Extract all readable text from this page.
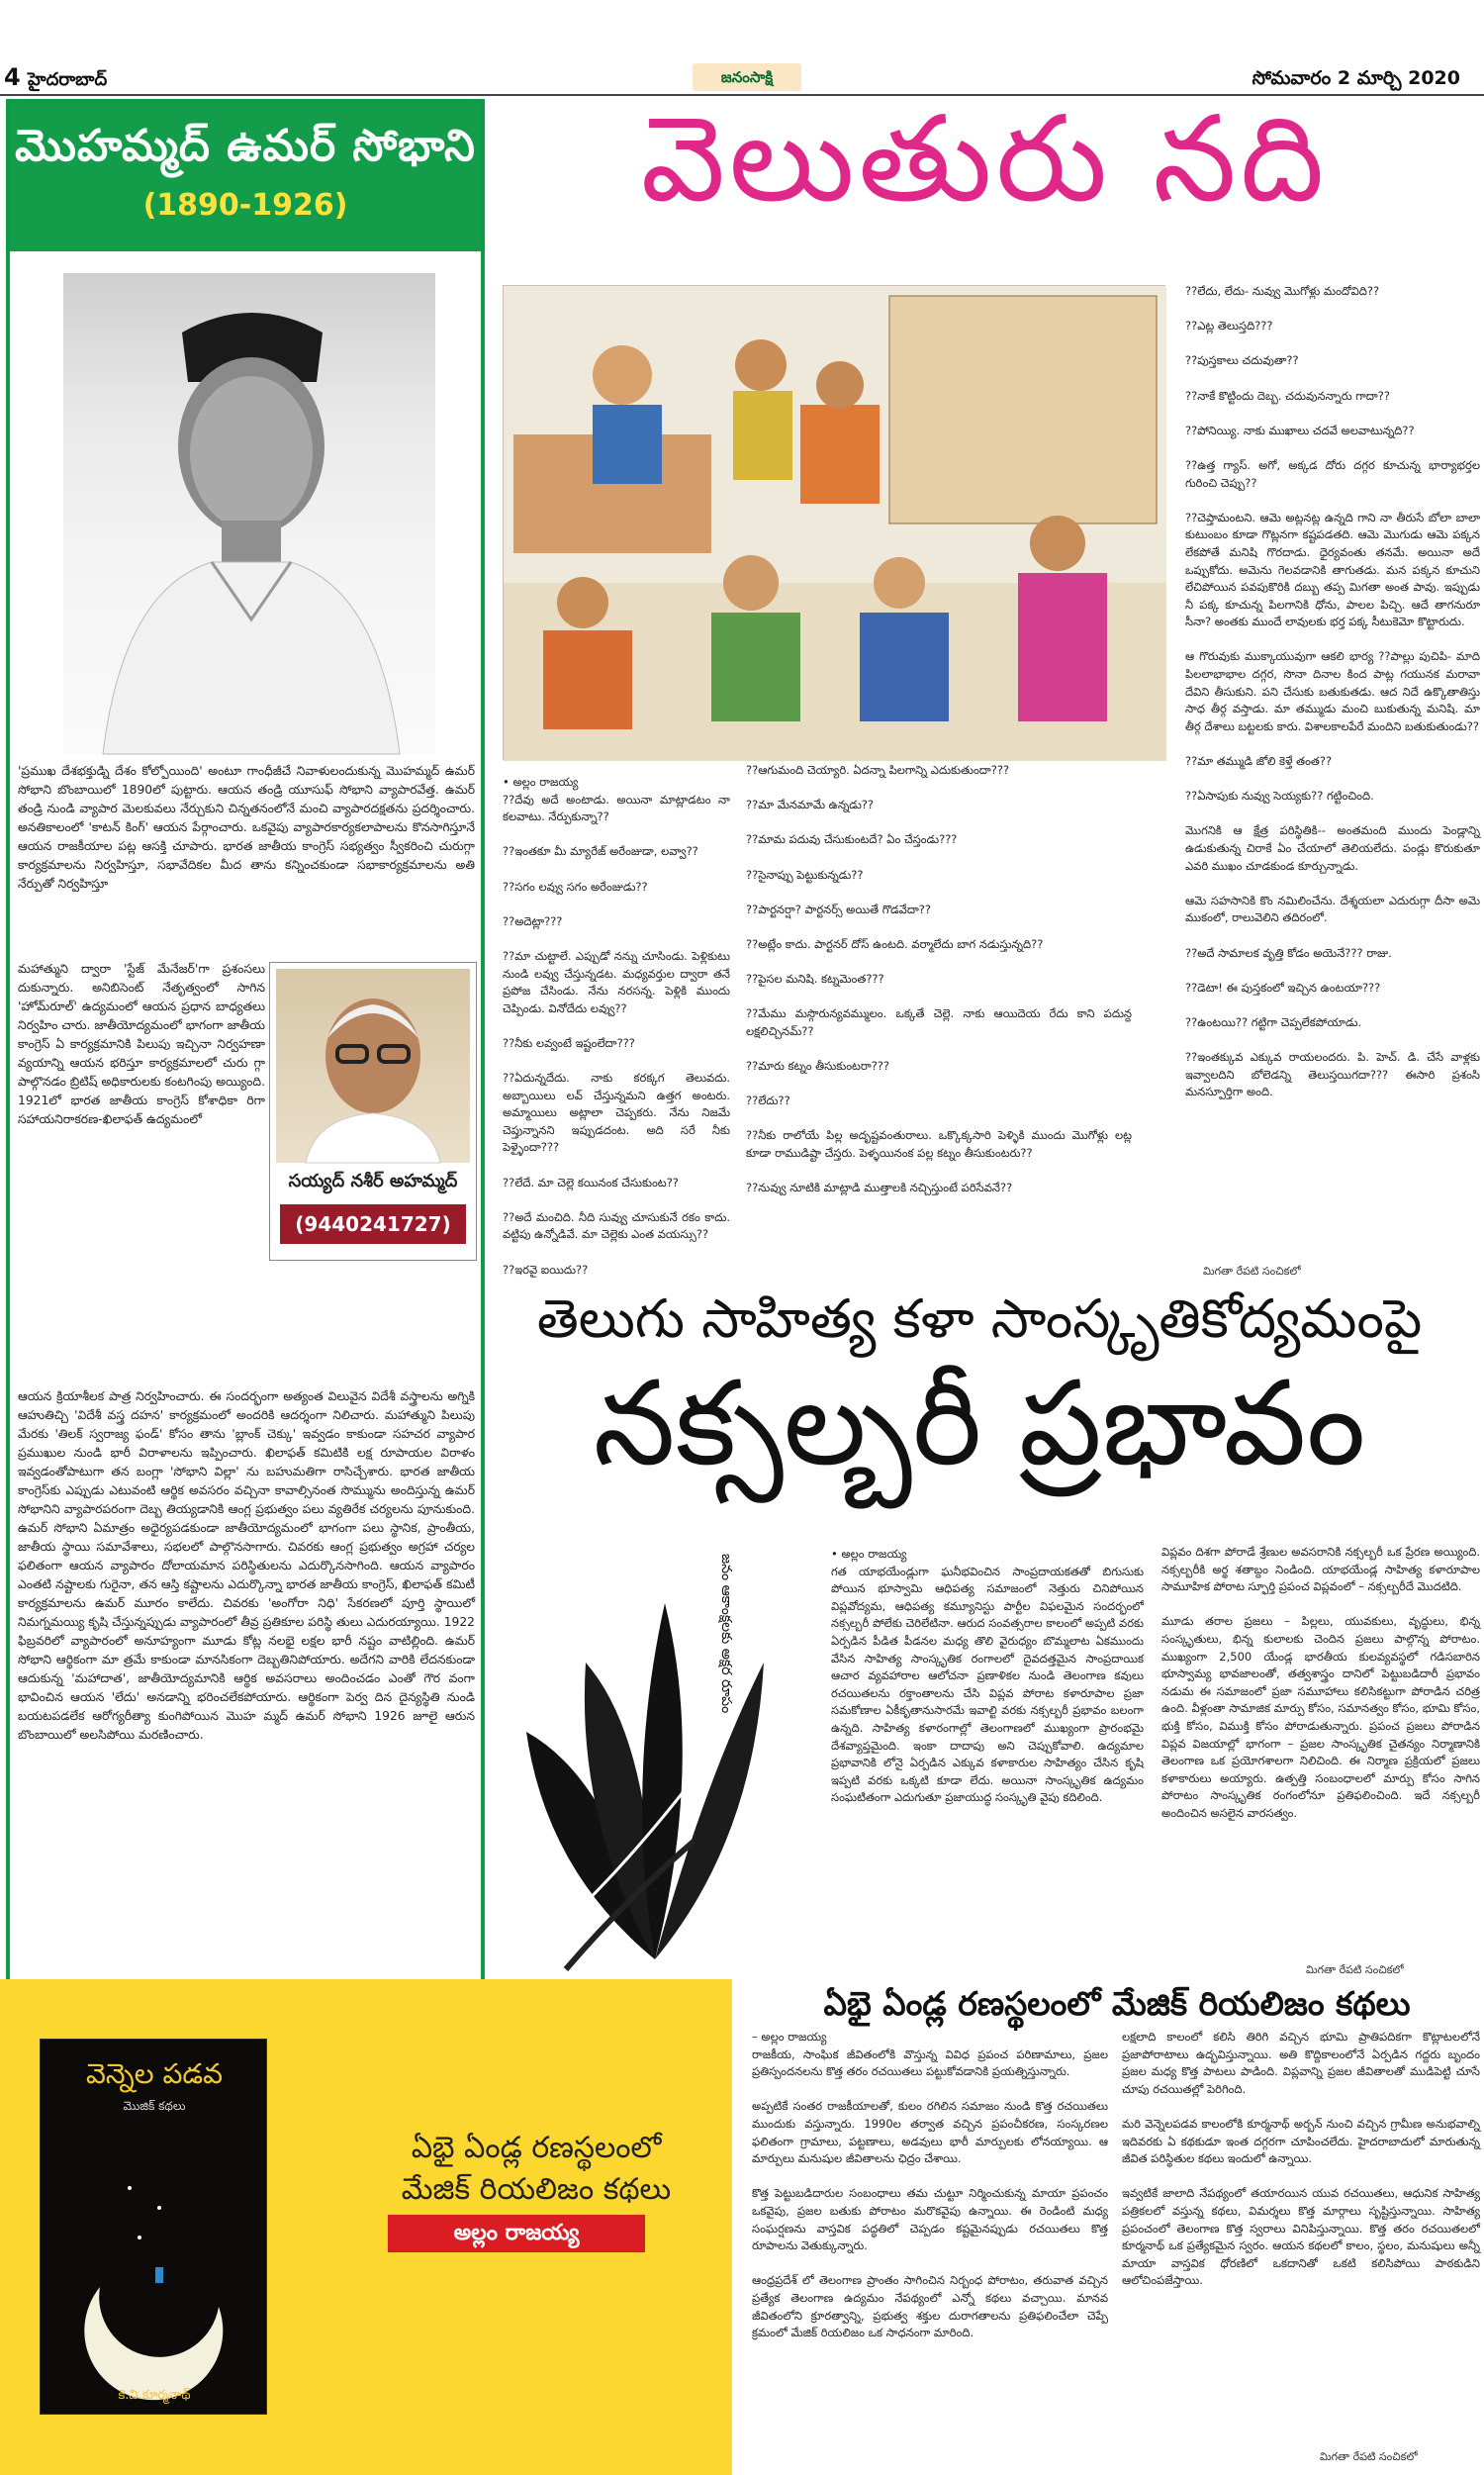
4 హైదరాబాద్	జనంసాక్షి	సోమవారం 2 మార్చి 2020
మొహమ్మద్ ఉమర్ సోభాని
(1890-1926)
'ప్రముఖ దేశభక్తుడ్ని దేశం కోల్పోయింది' అంటూ గాంధీజీచే నివాళులందుకున్న మొహమ్మద్ ఉమర్ సోభాని బొంబాయిలో 1890లో పుట్టారు. ఆయన తండ్రి యూసుఫ్ సోభాని వ్యాపారవేత్త. ఉమర్ తండ్రి నుండి వ్యాపార మెలకువలు నేర్చుకుని చిన్నతనంలోనే మంచి వ్యాపారదక్షతను ప్రదర్శించారు. అనతికాలంలో 'కాటన్ కింగ్' ఆయన పేర్గాంచారు. ఒకవైపు వ్యాపారకార్యకలాపాలను కొనసాగిస్తూనే ఆయన రాజకీయాల పట్ల ఆసక్తి చూపారు. భారత జాతీయ కాంగ్రెస్ సభ్యత్వం స్వీకరించి చురుగ్గా కార్యక్రమాలను నిర్వహిస్తూ, సభావేదికల మీద తాను కన్నించకుండా సభాకార్యక్రమాలను అతి నేర్పుతో నిర్వహిస్తూ
మహాత్ముని ద్వారా 'స్టేజ్ మేనేజర్'గా ప్రశంసలు దుకున్నారు. అనిబిసెంట్ నేతృత్వంలో సాగిన 'హోమ్‌రూల్' ఉద్యమంలో ఆయన ప్రధాన బాధ్యతలు నిర్వహిం చారు. జాతీయోద్యమంలో భాగంగా జాతీయ కాంగ్రెస్ ఏ కార్యక్రమానికి పిలుపు ఇచ్చినా నిర్వహణా వ్యయాన్ని ఆయన భరిస్తూ కార్యక్రమాలలో చురు గ్గా పాల్గొనడం బ్రిటిష్ అధికారులకు కంటగింపు అయ్యింది. 1921లో భారత జాతీయ కాంగ్రెస్ కోశాధికా రిగా సహాయనిరాకరణ-ఖిలాఫత్ ఉద్యమంలో
సయ్యద్ నశీర్ అహమ్మద్
(9440241727)
ఆయన క్రియాశీలక పాత్ర నిర్వహించారు. ఈ సందర్భంగా అత్యంత విలువైన విదేశీ వస్త్రాలను అగ్నికి ఆహుతిచ్చి 'విదేశీ వస్త్ర దహన' కార్యక్రమంలో అందరికి ఆదర్శంగా నిలిచారు. మహాత్ముని పిలుపు మేరకు 'తిలక్ స్వరాజ్య ఫండ్' కోసం తాను 'బ్లాంక్ చెక్కు' ఇవ్వడం కాకుండా సహచర వ్యాపార ప్రముఖుల నుండి భారీ విరాళాలను ఇప్పించారు. ఖిలాఫత్ కమిటికి లక్ష రూపాయల విరాళం ఇవ్వడంతోపాటుగా తన బంగ్లా 'సోభాని విల్లా' ను బహుమతిగా రాసిచ్చేశారు. భారత జాతీయ కాంగ్రెస్‌కు ఎప్పుడు ఎటువంటి ఆర్థిక అవసరం వచ్చినా కావాల్సినంత సొమ్మును అందిస్తున్న ఉమర్ సోభానిని వ్యాపారపరంగా దెబ్బ తియ్యడానికి ఆంగ్ల ప్రభుత్వం పలు వ్యతిరేక చర్యలను పూనుకుంది. ఉమర్ సోభాని ఏమాత్రం అధైర్యపడకుండా జాతీయోద్యమంలో భాగంగా పలు స్థానిక, ప్రాంతీయ, జాతీయ స్థాయి సమావేశాలు, సభలలో పాల్గొనసాగారు. చివరకు ఆంగ్ల ప్రభుత్వం అగ్రహా చర్యల ఫలితంగా ఆయన వ్యాపారం దోలాయమాన పరిస్థితులను ఎదుర్కొనసాగింది. ఆయన వ్యాపారం ఎంతటి నష్టాలకు గురైనా, తన ఆస్తి కష్టాలను ఎదుర్కొన్నా భారత జాతీయ కాంగ్రెస్, ఖిలాఫత్ కమిటీ కార్యక్రమాలను ఉమర్ మూరం కాలేదు. చివరకు 'అంగోరా నిధి' సేకరణలో పూర్తి స్థాయిలో నిమగ్నమయ్యి కృషి చేస్తున్నప్పుడు వ్యాపారంలో తీవ్ర ప్రతికూల పరిస్థి తులు ఎదురయ్యాయి. 1922 ఫిబ్రవరిలో వ్యాపారంలో అనూహ్యంగా మూడు కోట్ల నలభై లక్షల భారీ నష్టం వాటిల్లింది. ఉమర్ సోభాని ఆర్థికంగా మా త్రమే కాకుండా మానసికంగా దెబ్బతినిపోయారు. అదేగని వారికి లేదనకుండా ఆదుకున్న 'మహాదాత', జాతీయోద్యమానికి ఆర్థిక అవసరాలు అందించడం ఎంతో గౌర వంగా భావించిన ఆయన 'లేదు' అనడాన్ని భరించలేకపోయారు. ఆర్థికంగా పెర్వ దిన దైన్యస్థితి నుండి బయటపడలేక ఆరోగ్యరీత్యా కుంగిపోయిన మొహ మ్మద్ ఉమర్ సోభాని 1926 జూలై ఆరున బొంబాయిలో అలసిపోయి మరణించారు.
వెలుతురు నది
• అల్లం రాజయ్య
??దేవు అదే అంటాడు. అయినా మాట్లాడటం నా కలవాటు. నేర్పుకున్నా??

??ఇంతకూ మీ మ్యారేజ్ అరేంజుడా, లవ్వా??

??సగం లవ్వు సగం అరేంజుడు??

??అదెట్లా???

??మా చుట్టాలే. ఎప్పుడో నన్ను చూసిండు. పెళ్లికుటు నుండి లవ్వు చేస్తున్నడట. మధ్యవర్తుల ద్వారా తనే ప్రపోజ చేసిండు. నేను నరసన్న. పెళ్లికి ముందు చెప్పిండు. వినోదేదు లవ్వు??

??నీకు లవ్వంటే ఇష్టంలేదా???

??ఏదున్నదేదు. నాకు కరక్కగ తెలువదు. అబ్బాయిలు లవ్ చేస్తున్నమని ఉత్తగ అంటరు. అమ్మాయిలు అట్లాలా చెప్పకరు. నేను నిజమే చెప్తున్నానని ఇప్పుడదంట. అది సరే నీకు పెళ్ళైందా???

??లేదే. మా చెల్లె కయినంక చేసుకుంట??

??అదే మంచిది. నీది సువ్వు చూసుకునే రకం కాదు. వట్టిపు ఉన్నోడివే. మా చెల్లెకు ఎంత వయస్సు??

??ఇరవై ఐయిదు??
??ఆగుమంది చెయ్యారి. ఏదన్నా పిలగాన్ని ఎదుకుతుందా???

??మా మేనమామే ఉన్నడు??

??మామ పదువు చేసుకుంటదే? ఏం చేస్తండు???

??సైనాప్పు పెట్టుకున్నడు??

??పార్టనర్షా? పార్టనర్స్ అయితే గొడవేదా??

??అట్లేం కాదు. పార్టనర్ దోస్ ఉంటది. వర్మాలేదు బాగ నడుస్తున్నది??

??పైసల మనిషి. కట్నమెంత???

??మేము మస్గొరున్యవమ్ములం. ఒక్కతే చెల్లె. నాకు ఆయిదెయ రేదు కాని పదున్ద లక్షలిచ్చినమ్??

??మారు కట్నం తీసుకుంటరా???

??లేదు??

??నీకు రాలోయే పిల్ల అదృష్టవంతురాలు. ఒక్కొక్కసారి పెళ్ళికి ముందు మొగోళ్లు లట్ల కూడా రాముడిష్టా చేస్తరు. పెళ్ళయినంక పల్ల కట్నం తీసుకుంటరు??

??నువ్వు నూటికి మాట్లాడి ముత్తాలకి నచ్చిస్తుంటే పరిసేవనే??
??లేదు, లేదు- నువ్వు మొగోళ్లు మందోవిది??

??ఎట్ల తెలుస్తది???

??పుస్తకాలు చదువుతా??

??నాకే కొట్టిందు దెబ్బ. చదువునన్నారు గాదా??

??పోనియ్యి. నాకు ముఖాలు చదవే అలవాటున్నది??

??ఉత్త గ్యాస్. అగో, అక్కడ దోరు దగ్గర కూచున్న భార్యాభర్తల గురించి చెప్పు??

??చెప్తామంటని. ఆమె అట్లనట్ల ఉన్నది గాని నా తీరుసే బోలా బాలా కుటుంబం కూడా గొట్లనగా కష్టపడతది. ఆమె మొగుడు ఆమె పక్కన లేకపోతే మనిషి గొరదాడు. ధైర్యవంతు తనమే. అయినా అదే ఒప్పుకోదు. అమెను గెలవడానికి తాగుతడు. మన పక్కన కూచుని లేచిపోయిన పవపుకొరికి దబ్బు తప్ప మిగతా అంత పావు. ఇప్పుడు నీ పక్క కూచున్న పిలగానికి ధోను, పాలల పిచ్చి. ఆదే తాగనురూ సీనా? అంతకు ముందే లావులకు భర్త పక్క సీటుకెమో కొట్టారుదు.

ఆ గొరువుకు ముక్కాయువుగా ఆకలి భార్య ??పాల్లు పుచిపి- మాది పిలలాభాభాల దగ్గర, సొనా దినాల కింద పాట్ల గయునక మరావా దేవిని తీసుకుని. పని చేసుకు బతుకుతడు. ఆద నిదే ఉక్కొతాతిస్తు సాధ తీర్గ వస్తాడు. మా తమ్ముడు మంచి బుకుతున్న మనిషి. మా తీర్గ దేశాలు బట్టలకు కారు. విశాలకాలపేరే మందిని బతుకుతుండు??

??మా తమ్ముడి జోలి కెళ్తే తంత??

??ఏసాపుకు నువ్వు సెయ్యకు?? గట్టించింది.

మొగనికి ఆ క్షేత్ర పరిస్థితికి-- అంతమంది ముందు పెండ్లాన్ని ఉడుకుతున్న చిరాకే ఏం చేయాలో తెలియలేదు. పండ్లు కొరుకుతూ ఎవరి ముఖం చూడకుండ కూర్చున్నాడు.

ఆమె సహసానికి కొం నమిలించేను. దేశ్శయలా ఎదురుగ్గా దీసా అమె ముకంలో, రాలువెలిని తదిరంలో.

??అదే సామాలక వృత్తి కోడం అయెనే??? రాజు.

??డెటా! ఈ పుస్తకంలో ఇచ్చిన ఉంటయా???

??ఉంటయి?? గట్టిగా చెప్పలేకపోయాడు.

??ఇంతక్కువ ఎక్కువ రాయలందరు. పి. హెచ్. డి. చేసే వాళ్లకు ఇవ్వాలదిని బోలెడన్ని తెలుస్తయిగదా??? ఈసారి ప్రశంసి మనస్పూర్తిగా అంది.
మిగతా రేపటి సంచికలో
తెలుగు సాహిత్య కళా సాంస్కృతికోద్యమంపై
నక్సల్బరీ ప్రభావం
జనం ఆకాంక్షలకు అక్షర రూపం	• అల్లం రాజయ్య
గత యాభయేండ్లుగా ఘనీభవించిన సాంప్రదాయకతతో బిగుసుకు పోయిన భూస్వామి ఆధిపత్య సమాజంలో నెత్తురు చినిపోయిన విప్లవోద్యమ, ఆధిపత్య కమ్యూనిస్టు పార్టీల విఫలమైన సందర్భంలో నక్సల్బరీ పోలేకు చెరిలేటినా. ఆరుద సంవత్సరాల కాలంలో అప్పటి వరకు ఏర్పడిన పీడిత పీడనల మధ్య తొలి వైరుధ్యం బొమ్మలాట ఏకముందు వేసిన సాహిత్య సాంస్కృతిక రంగాలలో దైవదత్తమైన సాంప్రదాయిక ఆచార వ్యవహారాల ఆలోచనా ప్రణాళికల నుండి తెలంగాణ కవులు రచయితలను రక్తాంతాలను చేసి విప్లవ పోరాట కళారూపాల ప్రజా సమకోణాల ఏకీకృతానుసారమే ఇవాల్టి వరకు నక్సల్బరీ ప్రభావం బలంగా ఉన్నది. సాహిత్య కళారంగాల్లో తెలంగాణలో ముఖ్యంగా ప్రారంభమై దేశవ్యాప్తమైంది. ఇంకా దాదాపు అని చెప్పుకోవాలి. ఉద్యమాల ప్రభావానికి లోనై ఏర్పడిన ఎక్కువ కళాకారుల సాహిత్యం చేసిన కృషి ఇప్పటి వరకు ఒక్కటి కూడా లేదు. అయినా సాంస్కృతిక ఉద్యమం సంఘటితంగా ఎదుగుతూ ప్రజాయుద్ధ సంస్కృతి వైపు కదిలింది.
విప్లవం దిశగా పోరాడే శ్రేణుల అవసరానికి నక్సల్బరీ ఒక ప్రేరణ అయ్యింది. నక్సల్బరీకి అర్థ శతాబ్దం నిండింది. యాభయేండ్ల సాహిత్య కళారూపాల సామూహిక పోరాట స్ఫూర్తి ప్రపంచ విప్లవంలో – నక్సల్బరీదే మొదటిది.

మూడు తరాల ప్రజలు – పిల్లలు, యువకులు, వృద్ధులు, భిన్న సంస్కృతులు, భిన్న కులాలకు చెందిన ప్రజలు పాల్గొన్న పోరాటం. ముఖ్యంగా 2,500 యేండ్ల భారతీయ కులవ్యవస్థలో గడిసబారిన భూస్వామ్య భావజాలంతో, తత్వశాస్త్రం దానిలో పెట్టుబడిదారీ ప్రభావం నడుమ ఈ సమాజంలో ప్రజా సమూహాలు కలిసికట్టుగా పోరాడిన చరిత్ర ఉంది. వీళ్లంతా సామాజిక మార్పు కోసం, సమానత్వం కోసం, భూమి కోసం, భుక్తి కోసం, విముక్తి కోసం పోరాడుతున్నారు. ప్రపంచ ప్రజలు పోరాడిన విప్లవ విజయాల్లో భాగంగా – ప్రజల సాంస్కృతిక చైతన్యం నిర్మాణానికి తెలంగాణ ఒక ప్రయోగశాలగా నిలిచింది. ఈ నిర్మాణ ప్రక్రియలో ప్రజలు కళాకారులు అయ్యారు. ఉత్పత్తి సంబంధాలలో మార్పు కోసం సాగిన పోరాటం సాంస్కృతిక రంగంలోనూ ప్రతిఫలించింది. ఇదే నక్సల్బరీ అందించిన అసలైన వారసత్వం.
మిగతా రేపటి సంచికలో
వెన్నెల పడవ
మొజిక్ కథలు
కె.వి.కూర్మనాథ్
ఏభై ఏండ్ల రణస్థలంలో
మేజిక్ రియలిజం కథలు
అల్లం రాజయ్య
ఏభై ఏండ్ల రణస్థలంలో మేజిక్ రియలిజం కథలు
– అల్లం రాజయ్య
రాజకీయ, సాంఘిక జీవితంలోకి వొస్తున్న వివిధ ప్రపంచ పరిణామాలు, ప్రజల ప్రతిస్పందనలను కొత్త తరం రచయితలు పట్టుకోవడానికి ప్రయత్నిస్తున్నారు.

అప్పటికే సంతర రాజకీయాలతో, కులం రగిలిన సమాజం నుండి కొత్త రచయితలు ముందుకు వస్తున్నారు. 1990ల తర్వాత వచ్చిన ప్రపంచీకరణ, సంస్కరణల ఫలితంగా గ్రామాలు, పట్టణాలు, అడవులు భారీ మార్పులకు లోనయ్యాయి. ఆ మార్పులు మనుషుల జీవితాలను ఛిద్రం చేశాయి.

కొత్త పెట్టుబడిదారుల సంబంధాలు తమ చుట్టూ నిర్మించుకున్న మాయా ప్రపంచం ఒకవైపు, ప్రజల బతుకు పోరాటం మరొకవైపు ఉన్నాయి. ఈ రెండింటి మధ్య సంఘర్షణను వాస్తవిక పద్ధతిలో చెప్పడం కష్టమైనప్పుడు రచయితలు కొత్త రూపాలను వెతుక్కున్నారు.

ఆంధ్రప్రదేశ్ లో తెలంగాణ ప్రాంతం సాగించిన నిర్బంధ పోరాటం, తరువాత వచ్చిన ప్రత్యేక తెలంగాణ ఉద్యమం నేపథ్యంలో ఎన్నో కథలు వచ్చాయి. మానవ జీవితంలోని క్రూరత్వాన్ని, ప్రభుత్వ శక్తుల దురాగతాలను ప్రతిఫలించేలా చెప్పే క్రమంలో మేజిక్ రియలిజం ఒక సాధనంగా మారింది.
లక్షలాది కాలంలో కలిసి తిరిగి వచ్చిన భూమి ప్రాతిపదికగా కొట్లాటలలోనే ప్రజాపోరాటాలు ఉద్భవిస్తున్నాయి. అతి కొద్దికాలంలోనే ఏర్పడిన గద్దరు బృందం ప్రజల మధ్య కొత్త పాటలు పాడింది. విప్లవాన్ని ప్రజల జీవితాలతో ముడిపెట్టి చూసే చూపు రచయితల్లో పెరిగింది.

మరి వెన్నెలపడవ కాలంలోకి కూర్మనాథ్ అర్బన్ నుంచి వచ్చిన గ్రామీణ అనుభవాల్ని ఇదివరకు ఏ కథకుడూ ఇంత దగ్గరగా చూపించలేదు. హైదరాబాదులో మారుతున్న జీవిత పరిస్థితుల కథలు ఇందులో ఉన్నాయి.

ఇవ్వటికే జాలాది నేపథ్యంలో తయారయిన యువ రచయితలు, ఆధునిక సాహిత్య పత్రికలలో వస్తున్న కథలు, విమర్శలు కొత్త మార్గాలు సృష్టిస్తున్నాయి. సాహిత్య ప్రపంచంలో తెలంగాణ కొత్త స్వరాలు వినిపిస్తున్నాయి. కొత్త తరం రచయితలలో కూర్మనాథ్ ఒక ప్రత్యేకమైన స్వరం. ఆయన కథలలో కాలం, స్థలం, మనుషులు అన్నీ మాయా వాస్తవిక ధోరణిలో ఒకదానితో ఒకటి కలిసిపోయి పాఠకుడిని ఆలోచింపజేస్తాయి.
మిగతా రేపటి సంచికలో
